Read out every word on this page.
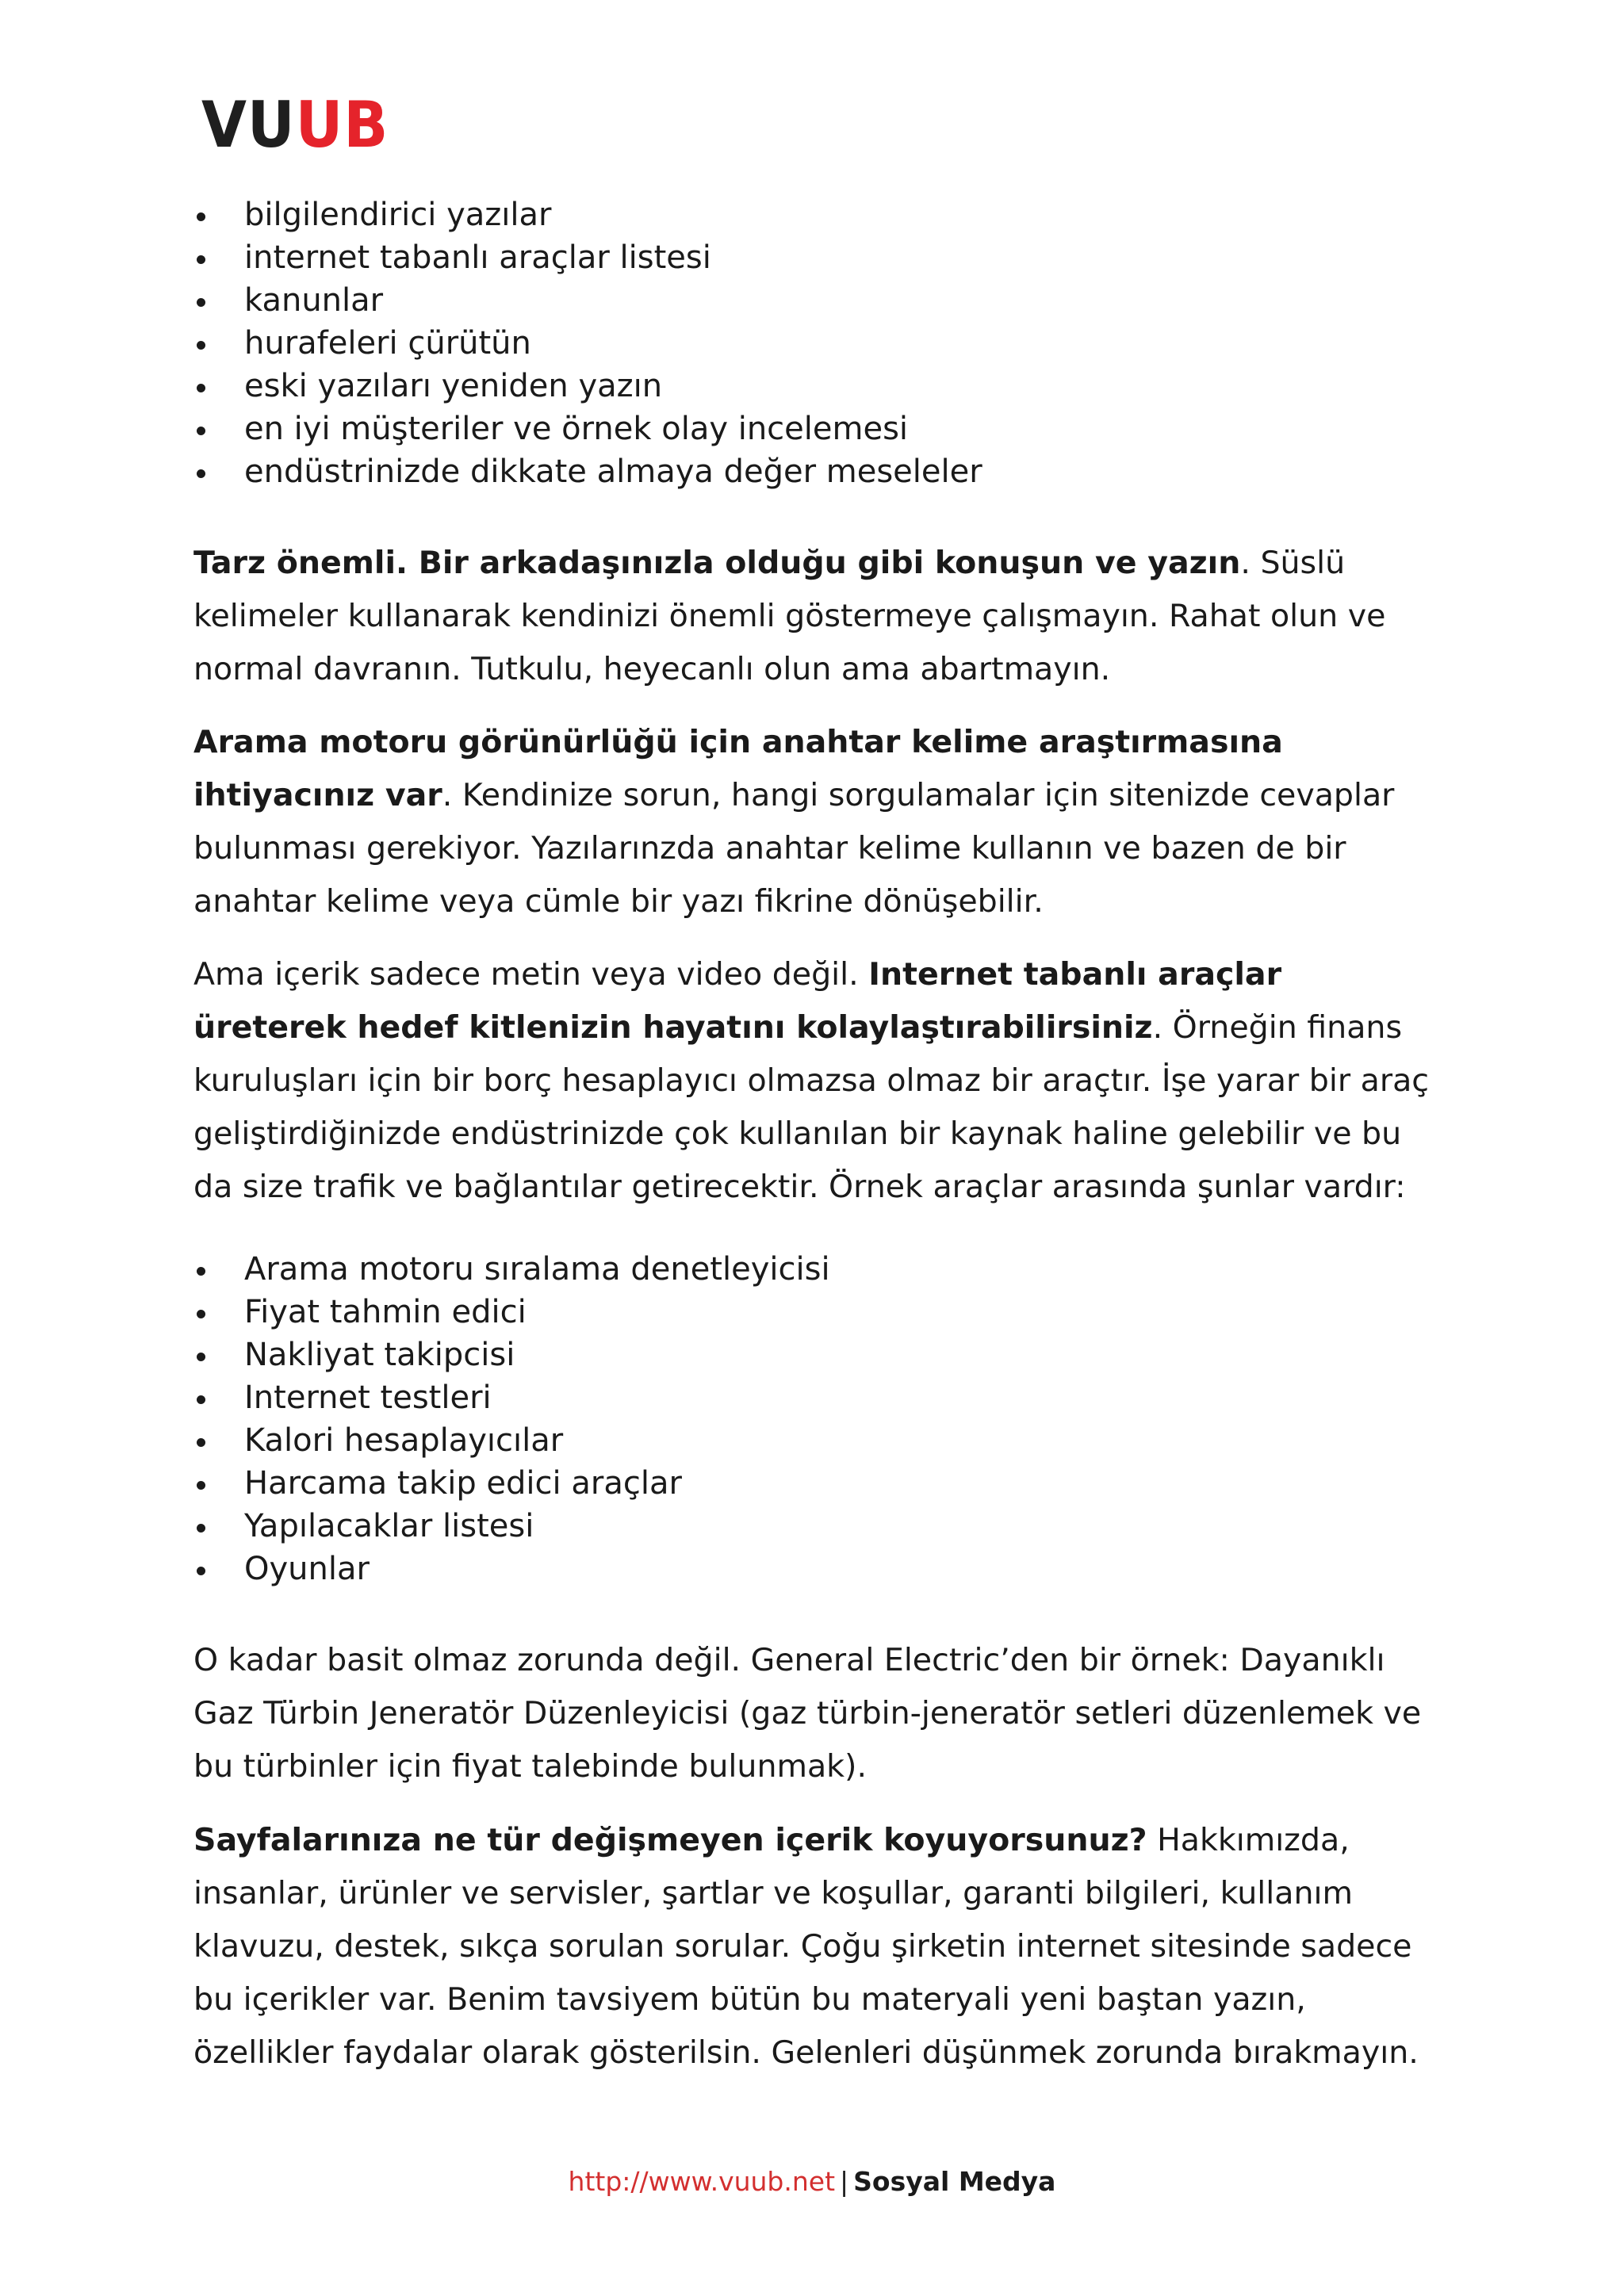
VUUB
bilgilendirici yazılar
internet tabanlı araçlar listesi
kanunlar
hurafeleri çürütün
eski yazıları yeniden yazın
en iyi müşteriler ve örnek olay incelemesi
endüstrinizde dikkate almaya değer meseleler

Tarz önemli. Bir arkadaşınızla olduğu gibi konuşun ve yazın. Süslü kelimeler kullanarak kendinizi önemli göstermeye çalışmayın. Rahat olun ve normal davranın. Tutkulu, heyecanlı olun ama abartmayın.

Arama motoru görünürlüğü için anahtar kelime araştırmasına ihtiyacınız var. Kendinize sorun, hangi sorgulamalar için sitenizde cevaplar bulunması gerekiyor. Yazılarınzda anahtar kelime kullanın ve bazen de bir anahtar kelime veya cümle bir yazı fikrine dönüşebilir.

Ama içerik sadece metin veya video değil. Internet tabanlı araçlar üreterek hedef kitlenizin hayatını kolaylaştırabilirsiniz. Örneğin finans kuruluşları için bir borç hesaplayıcı olmazsa olmaz bir araçtır. İşe yarar bir araç geliştirdiğinizde endüstrinizde çok kullanılan bir kaynak haline gelebilir ve bu da size trafik ve bağlantılar getirecektir. Örnek araçlar arasında şunlar vardır:

Arama motoru sıralama denetleyicisi
Fiyat tahmin edici
Nakliyat takipcisi
Internet testleri
Kalori hesaplayıcılar
Harcama takip edici araçlar
Yapılacaklar listesi
Oyunlar

O kadar basit olmaz zorunda değil. General Electric’den bir örnek: Dayanıklı Gaz Türbin Jeneratör Düzenleyicisi (gaz türbin-jeneratör setleri düzenlemek ve bu türbinler için fiyat talebinde bulunmak).

Sayfalarınıza ne tür değişmeyen içerik koyuyorsunuz? Hakkımızda, insanlar, ürünler ve servisler, şartlar ve koşullar, garanti bilgileri, kullanım klavuzu, destek, sıkça sorulan sorular. Çoğu şirketin internet sitesinde sadece bu içerikler var. Benim tavsiyem bütün bu materyali yeni baştan yazın, özellikler faydalar olarak gösterilsin. Gelenleri düşünmek zorunda bırakmayın.

http://www.vuub.net | Sosyal Medya
